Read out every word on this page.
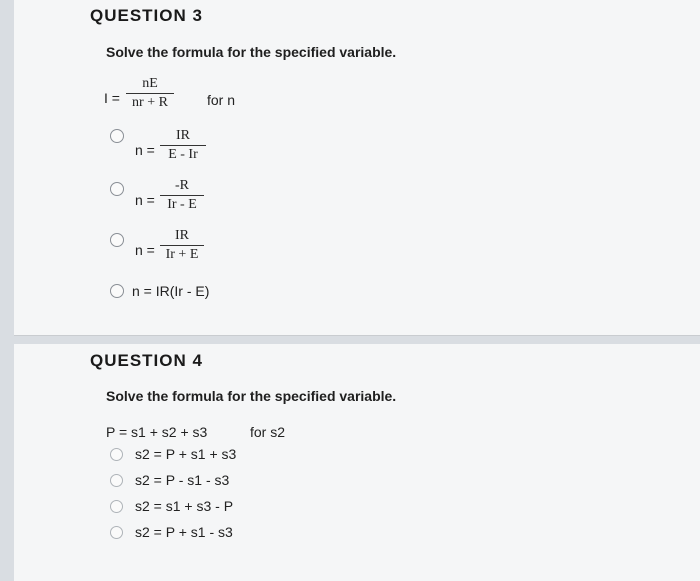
QUESTION 3
Solve the formula for the specified variable.
I =
nE
nr + R	for n
n =
IR
E - Ir
n =
-R
Ir - E
n =
IR
Ir + E
n = IR(Ir - E)
QUESTION 4
Solve the formula for the specified variable.
P = s1 + s2 + s3	for s2
s2 = P + s1 + s3
s2 = P - s1 - s3
s2 = s1 + s3 - P
s2 = P + s1 - s3
